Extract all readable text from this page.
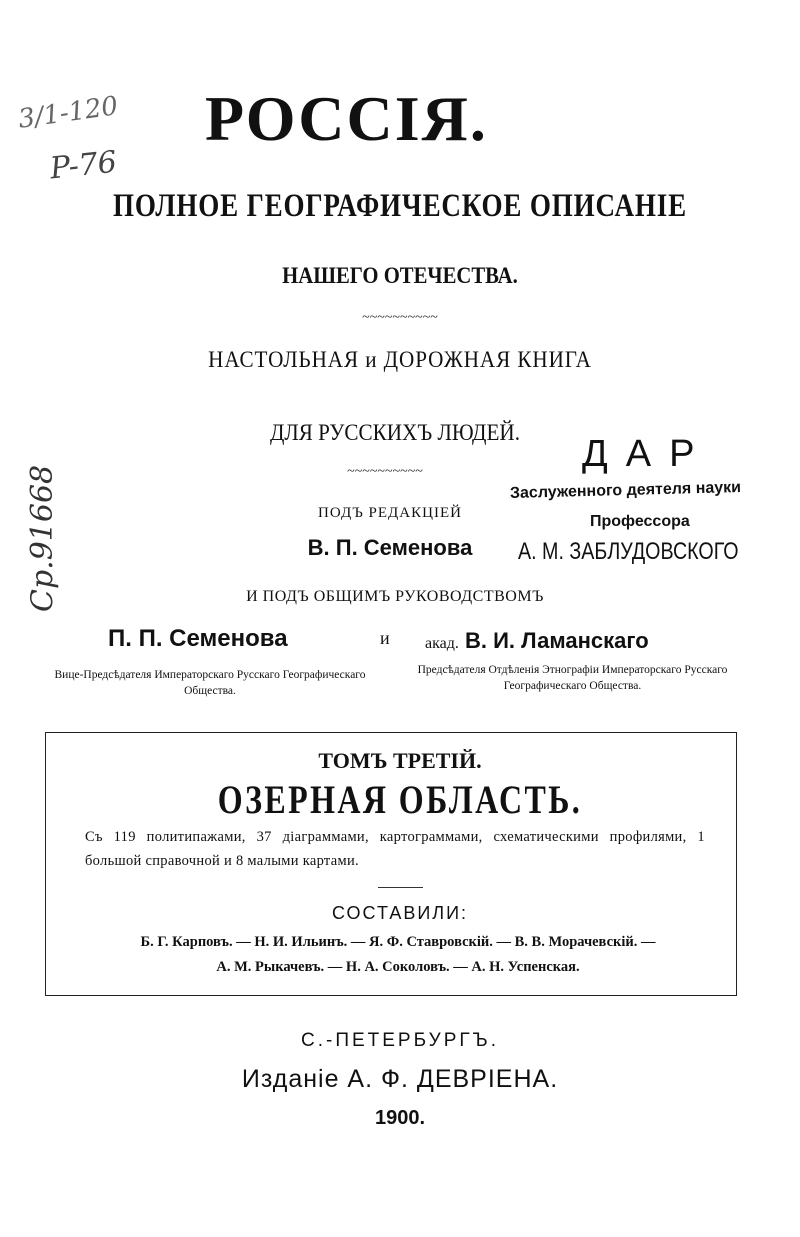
3/1-120
P-76
Ср.91668
РОССІЯ.
ПОЛНОЕ ГЕОГРАФИЧЕСКОЕ ОПИСАНІЕ
НАШЕГО ОТЕЧЕСТВА.
~~~~~~~~~~
НАСТОЛЬНАЯ и ДОРОЖНАЯ КНИГА
ДЛЯ РУССКИХЪ ЛЮДЕЙ.
~~~~~~~~~~	ДАР
Заслуженного деятеля науки
Профессора
А. М. ЗАБЛУДОВСКОГО
ПОДЪ РЕДАКЦІЕЙ
В. П. Семенова
И ПОДЪ ОБЩИМЪ РУКОВОДСТВОМЪ
П. П. Семенова	и акад. В. И. Ламанскаго
Вице-Предсѣдателя Императорскаго Русскаго Географическаго Общества.
Предсѣдателя Отдѣленія Этнографіи Императорскаго Русскаго Географическаго Общества.
ТОМЪ ТРЕТІЙ.
ОЗЕРНАЯ ОБЛАСТЬ.
Съ 119 политипажами, 37 діаграммами, картограммами, схематическими профилями, 1 большой справочной и 8 малыми картами.
СОСТАВИЛИ:
Б. Г. Карповъ. — Н. И. Ильинъ. — Я. Ф. Ставровскій. — В. В. Морачевскій. —
А. М. Рыкачевъ. — Н. А. Соколовъ. — А. Н. Успенская.
С.-ПЕТЕРБУРГЪ.
Изданіе А. Ф. ДЕВРІЕНА.
1900.
